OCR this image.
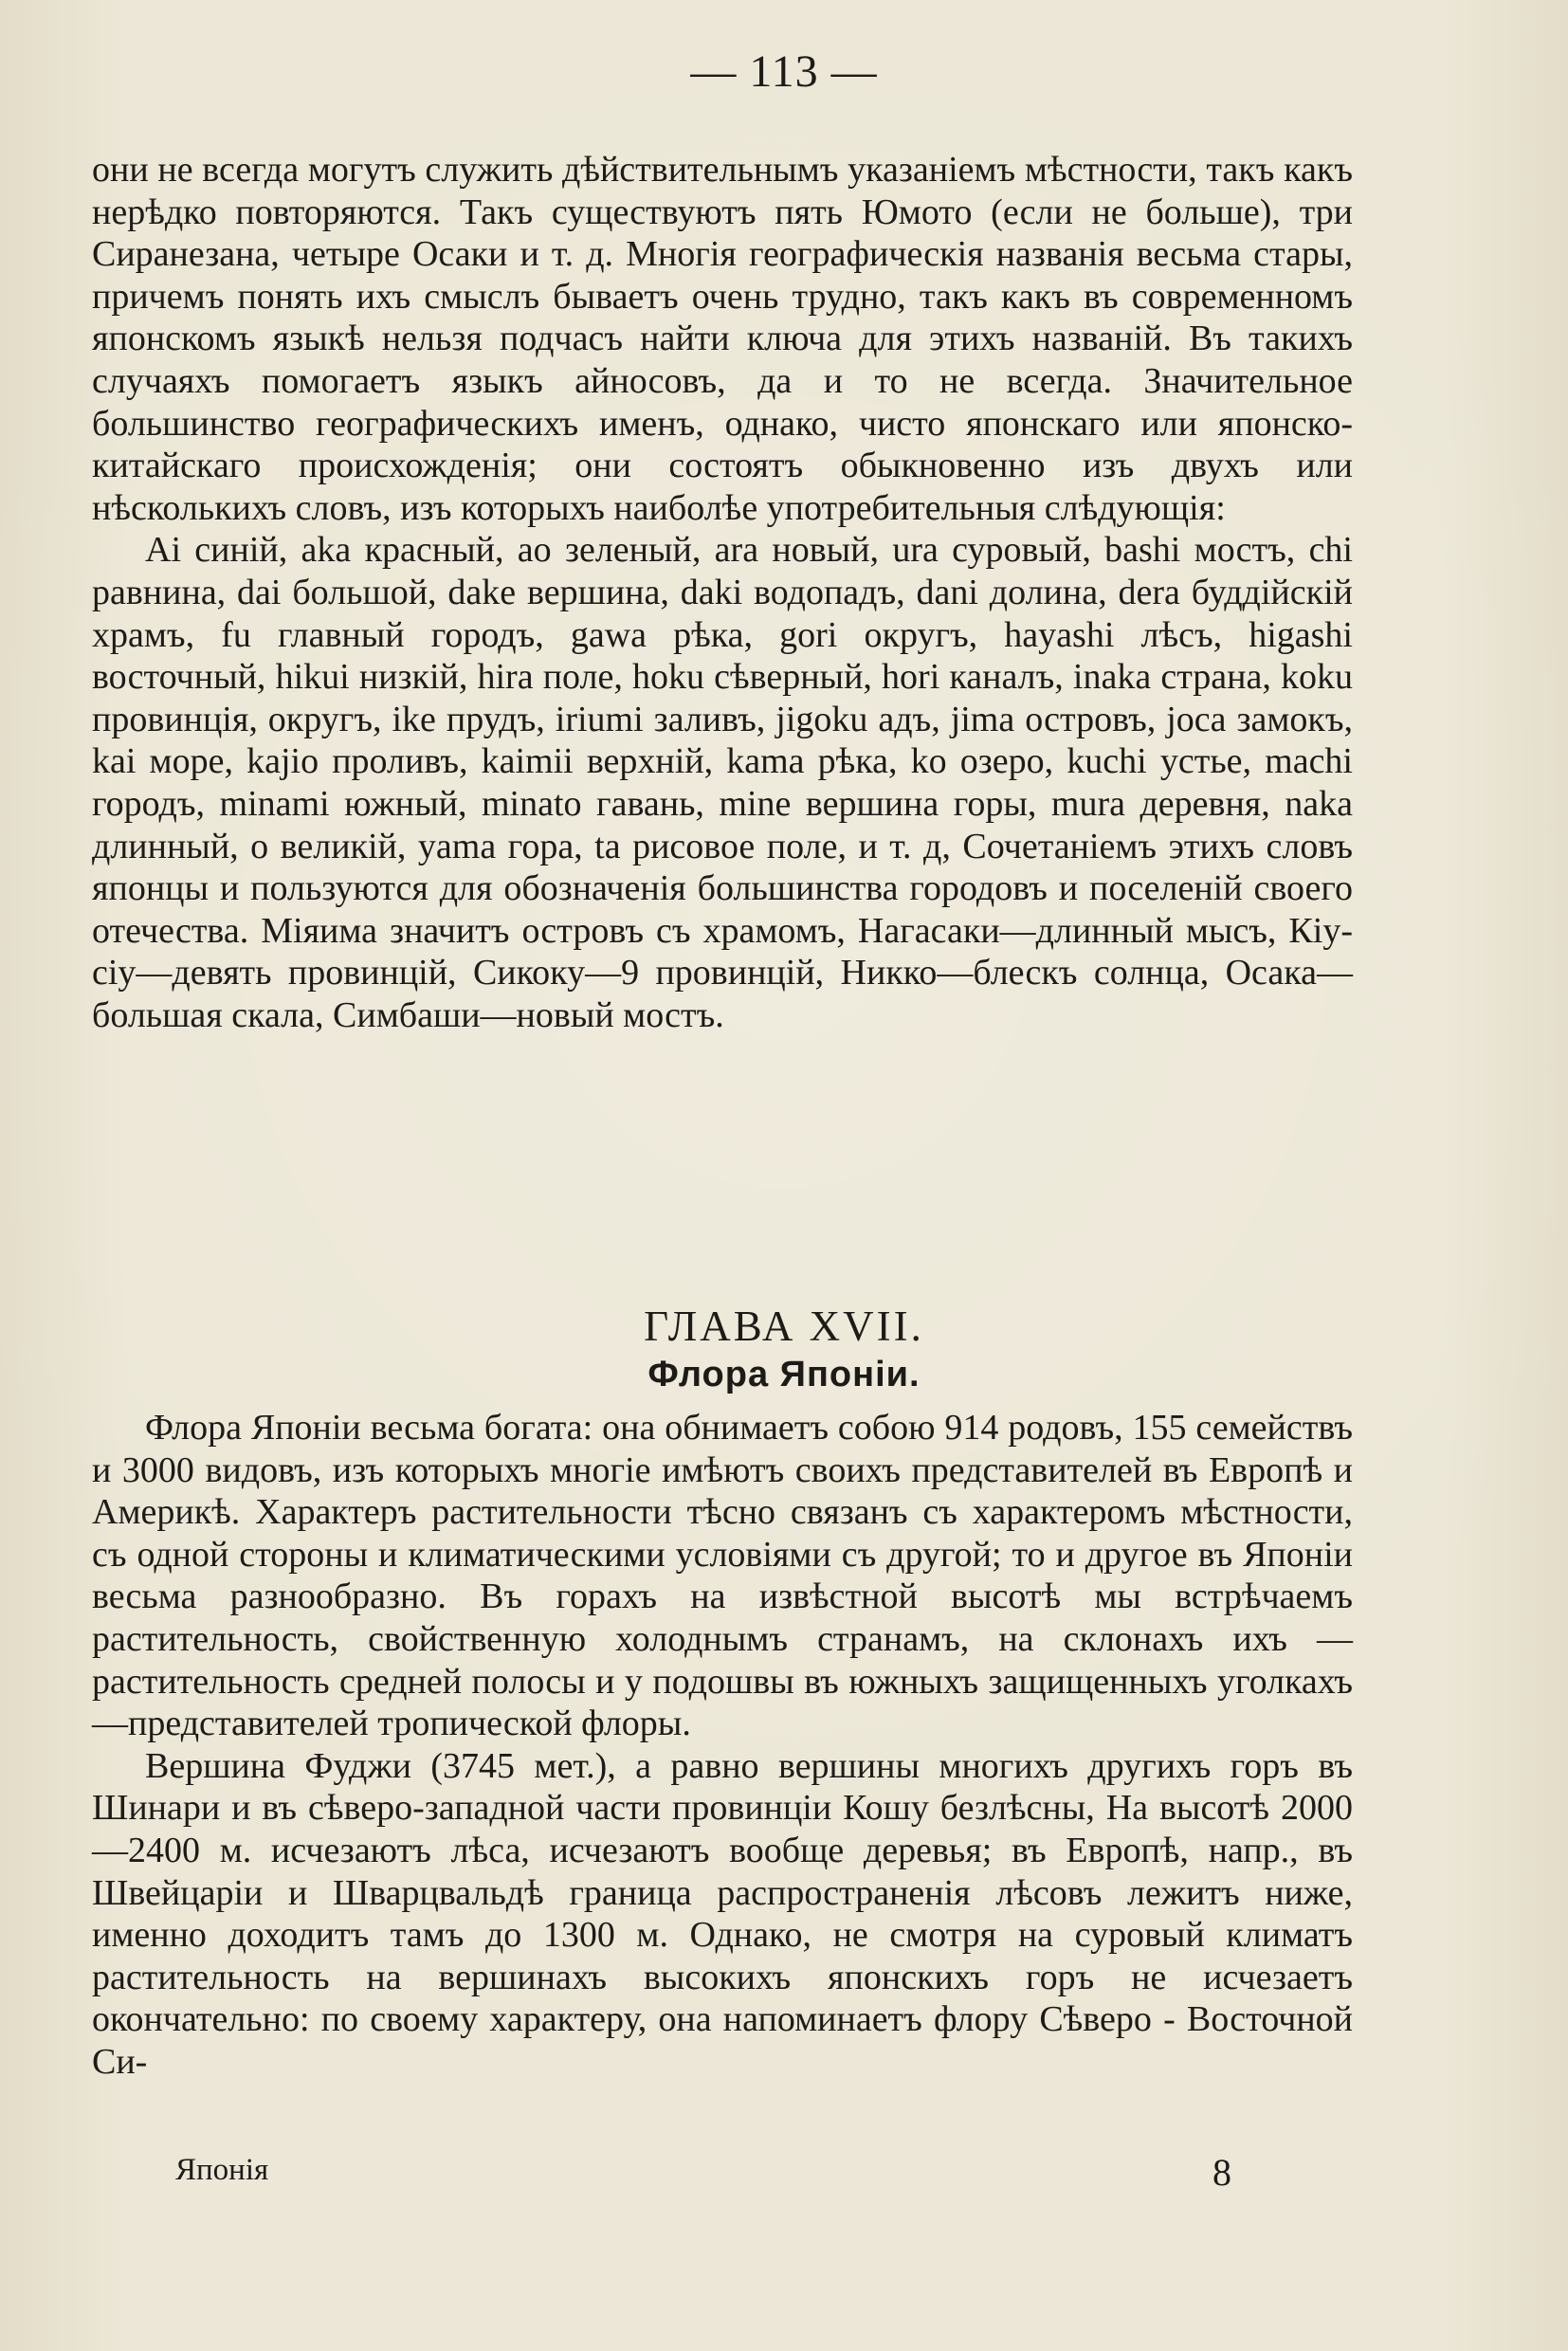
— 113 —

они не всегда могутъ служить дѣйствительнымъ указаніемъ мѣстности, такъ какъ нерѣдко повторяются. Такъ существуютъ пять Юмото (если не больше), три Сиранезана, четыре Осаки и т. д. Многія географическія названія весьма стары, причемъ понять ихъ смыслъ бываетъ очень трудно, такъ какъ въ современномъ японскомъ языкѣ нельзя подчасъ найти ключа для этихъ названій. Въ такихъ случаяхъ помогаетъ языкъ айносовъ, да и то не всегда. Значительное большинство географическихъ именъ, однако, чисто японскаго или японско-китайскаго происхожденія; они состоятъ обыкновенно изъ двухъ или нѣсколькихъ словъ, изъ которыхъ наиболѣе употребительныя слѣдующія:

Ai синій, aka красный, ao зеленый, ara новый, ura суровый, bashi мостъ, chi равнина, dai большой, dake вершина, daki водопадъ, dani долина, dera буддійскій храмъ, fu главный городъ, gawa рѣка, gori округъ, hayashi лѣсъ, higashi восточный, hikui низкій, hira поле, hoku сѣверный, hori каналъ, inaka страна, koku провинція, округъ, ike прудъ, iriumi заливъ, jigoku адъ, jima островъ, joca замокъ, kai море, kajio проливъ, kaimii верхній, kama рѣка, ko озеро, kuchi устье, machi городъ, minami южный, minato гавань, mine вершина горы, mura деревня, naka длинный, o великій, yama гора, ta рисовое поле, и т. д, Сочетаніемъ этихъ словъ японцы и пользуются для обозначенія большинства городовъ и поселеній своего отечества. Міяима значитъ островъ съ храмомъ, Нагасаки—длинный мысъ, Кіу-сіу—девять провинцій, Сикоку—9 провинцій, Никко—блескъ солнца, Осака—большая скала, Симбаши—новый мостъ.

ГЛАВА XVII.
Флора Японіи.

Флора Японіи весьма богата: она обнимаетъ собою 914 родовъ, 155 семействъ и 3000 видовъ, изъ которыхъ многіе имѣютъ своихъ представителей въ Европѣ и Америкѣ. Характеръ растительности тѣсно связанъ съ характеромъ мѣстности, съ одной стороны и климатическими условіями съ другой; то и другое въ Японіи весьма разнообразно. Въ горахъ на извѣстной высотѣ мы встрѣчаемъ растительность, свойственную холоднымъ странамъ, на склонахъ ихъ — растительность средней полосы и у подошвы въ южныхъ защищенныхъ уголкахъ—представителей тропической флоры.

Вершина Фуджи (3745 мет.), а равно вершины многихъ другихъ горъ въ Шинари и въ сѣверо-западной части провинціи Кошу безлѣсны, На высотѣ 2000—2400 м. исчезаютъ лѣса, исчезаютъ вообще деревья; въ Европѣ, напр., въ Швейцаріи и Шварцвальдѣ граница распространенія лѣсовъ лежитъ ниже, именно доходитъ тамъ до 1300 м. Однако, не смотря на суровый климатъ растительность на вершинахъ высокихъ японскихъ горъ не исчезаетъ окончательно: по своему характеру, она напоминаетъ флору Сѣверо - Восточной Си-

Японія	8
